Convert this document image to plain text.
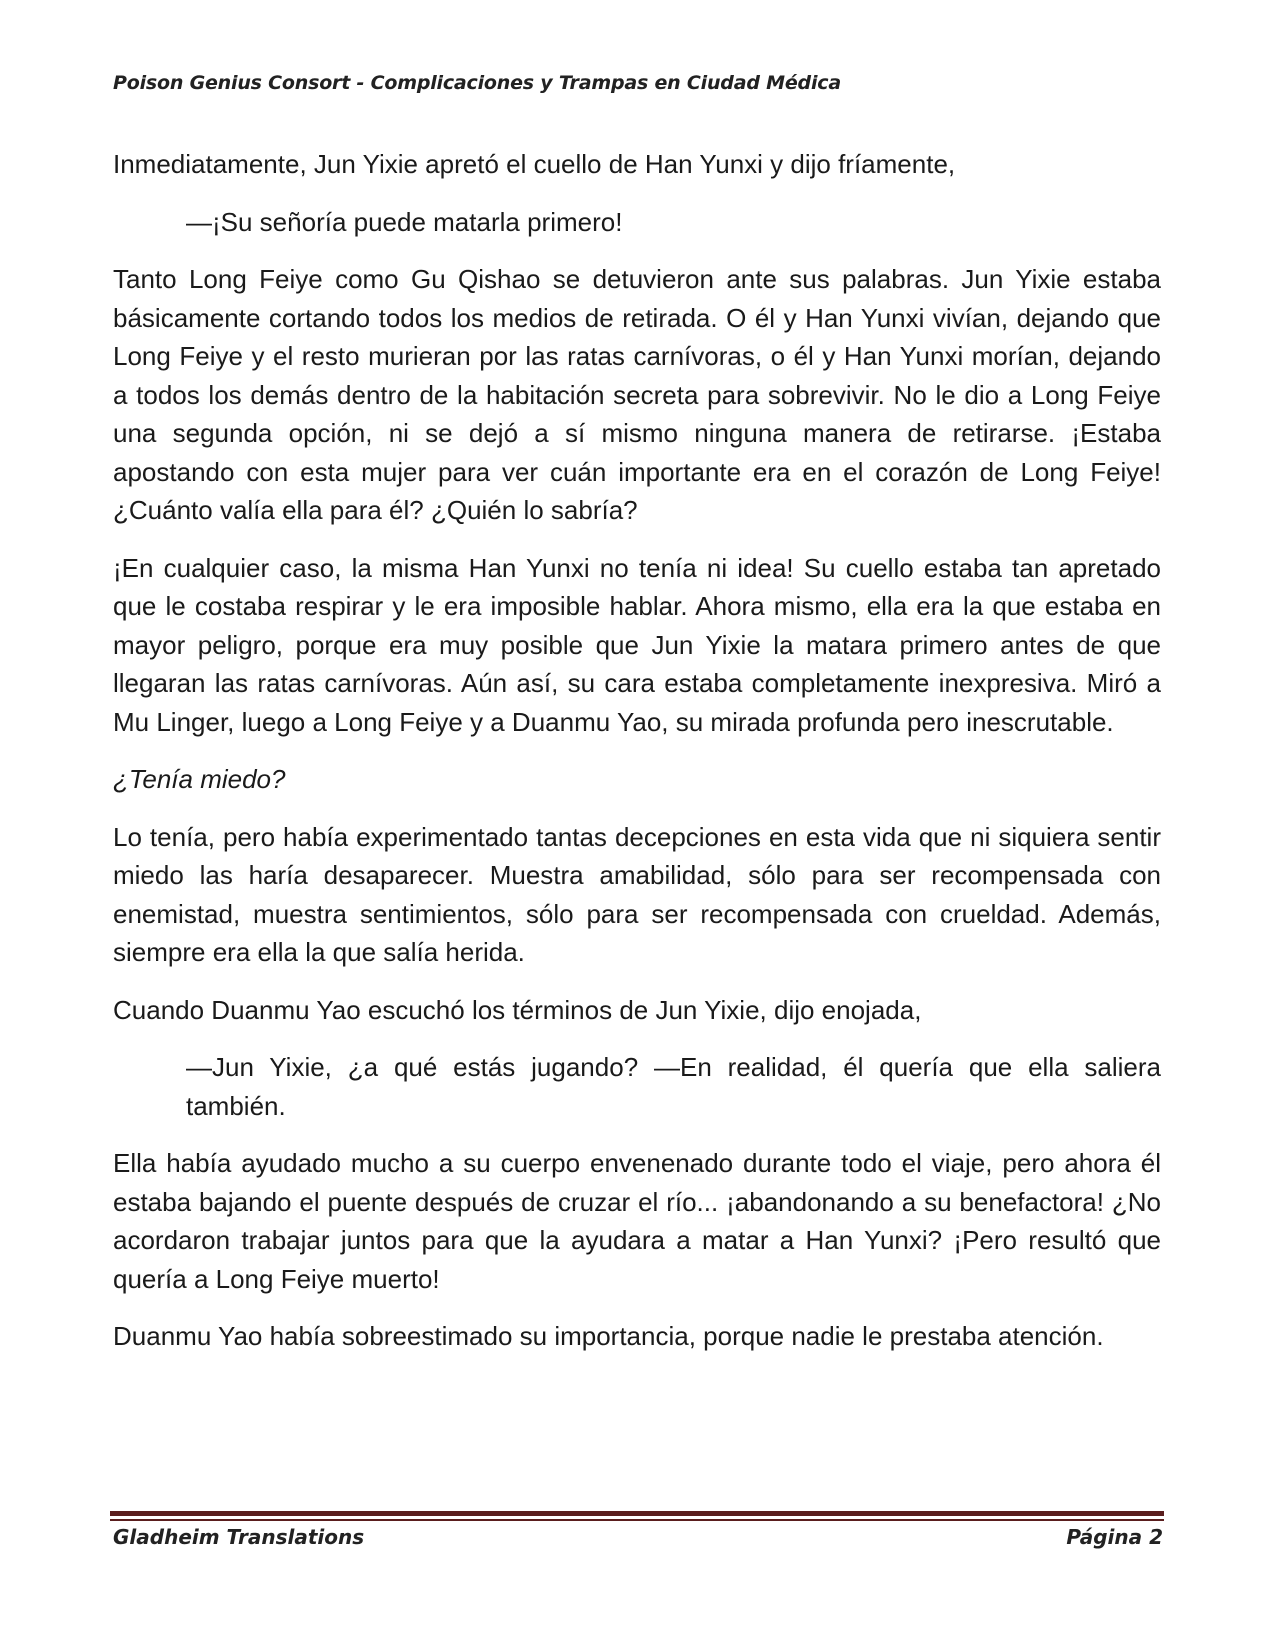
Poison Genius Consort - Complicaciones y Trampas en Ciudad Médica

Inmediatamente, Jun Yixie apretó el cuello de Han Yunxi y dijo fríamente,

—¡Su señoría puede matarla primero!

Tanto Long Feiye como Gu Qishao se detuvieron ante sus palabras. Jun Yixie estaba básicamente cortando todos los medios de retirada. O él y Han Yunxi vivían, dejando que Long Feiye y el resto murieran por las ratas carnívoras, o él y Han Yunxi morían, dejando a todos los demás dentro de la habitación secreta para sobrevivir. No le dio a Long Feiye una segunda opción, ni se dejó a sí mismo ninguna manera de retirarse. ¡Estaba apostando con esta mujer para ver cuán importante era en el corazón de Long Feiye! ¿Cuánto valía ella para él? ¿Quién lo sabría?

¡En cualquier caso, la misma Han Yunxi no tenía ni idea! Su cuello estaba tan apretado que le costaba respirar y le era imposible hablar. Ahora mismo, ella era la que estaba en mayor peligro, porque era muy posible que Jun Yixie la matara primero antes de que llegaran las ratas carnívoras. Aún así, su cara estaba completamente inexpresiva. Miró a Mu Linger, luego a Long Feiye y a Duanmu Yao, su mirada profunda pero inescrutable.

¿Tenía miedo?

Lo tenía, pero había experimentado tantas decepciones en esta vida que ni siquiera sentir miedo las haría desaparecer. Muestra amabilidad, sólo para ser recompensada con enemistad, muestra sentimientos, sólo para ser recompensada con crueldad. Además, siempre era ella la que salía herida.

Cuando Duanmu Yao escuchó los términos de Jun Yixie, dijo enojada,

—Jun Yixie, ¿a qué estás jugando? —En realidad, él quería que ella saliera también.

Ella había ayudado mucho a su cuerpo envenenado durante todo el viaje, pero ahora él estaba bajando el puente después de cruzar el río... ¡abandonando a su benefactora! ¿No acordaron trabajar juntos para que la ayudara a matar a Han Yunxi? ¡Pero resultó que quería a Long Feiye muerto!

Duanmu Yao había sobreestimado su importancia, porque nadie le prestaba atención.

Gladheim Translations	Página 2
